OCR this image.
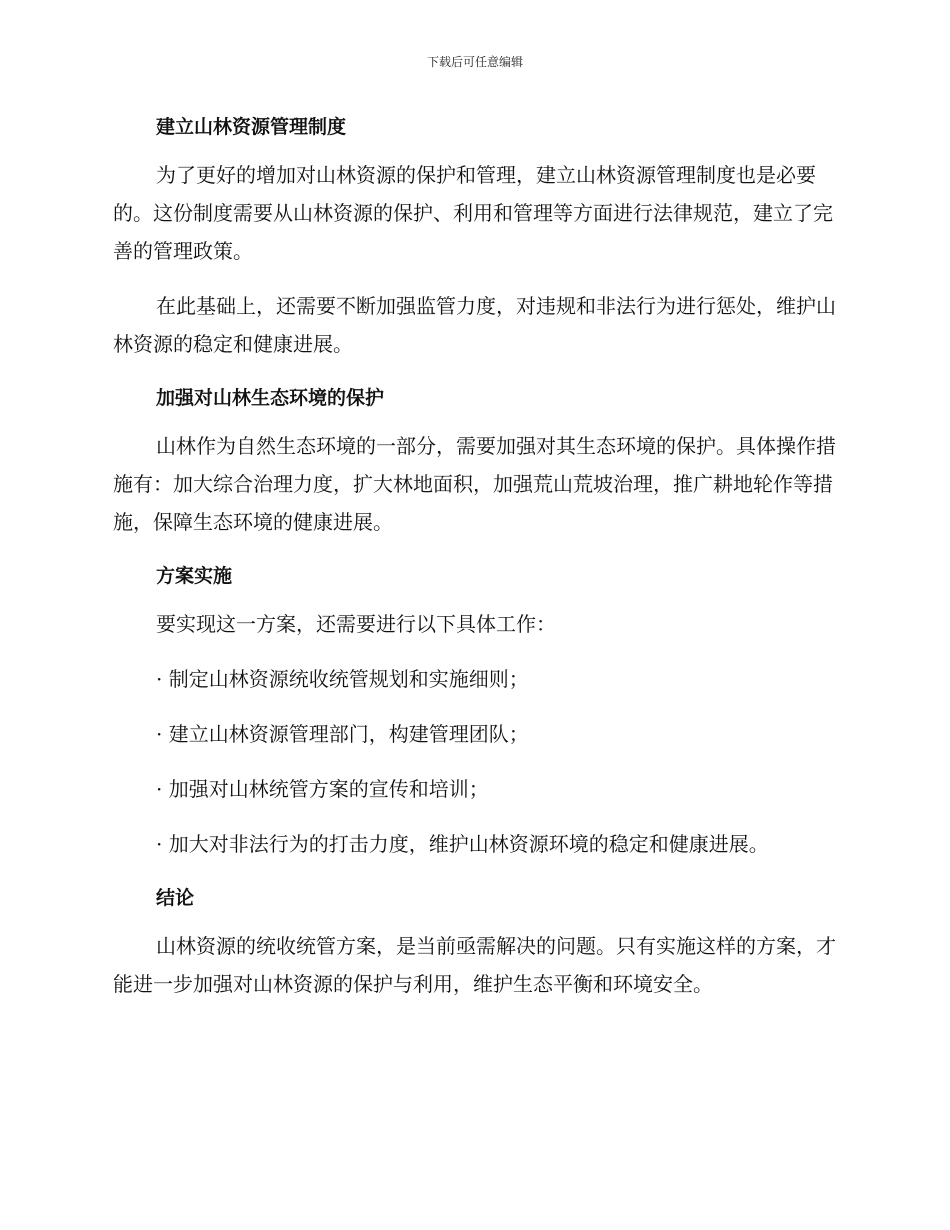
下载后可任意编辑
建立山林资源管理制度

为了更好的增加对山林资源的保护和管理，建立山林资源管理制度也是必要的。这份制度需要从山林资源的保护、利用和管理等方面进行法律规范，建立了完善的管理政策。

在此基础上，还需要不断加强监管力度，对违规和非法行为进行惩处，维护山林资源的稳定和健康进展。

加强对山林生态环境的保护

山林作为自然生态环境的一部分，需要加强对其生态环境的保护。具体操作措施有：加大综合治理力度，扩大林地面积，加强荒山荒坡治理，推广耕地轮作等措施，保障生态环境的健康进展。

方案实施

要实现这一方案，还需要进行以下具体工作：

· 制定山林资源统收统管规划和实施细则；

· 建立山林资源管理部门，构建管理团队；

· 加强对山林统管方案的宣传和培训；

· 加大对非法行为的打击力度，维护山林资源环境的稳定和健康进展。

结论

山林资源的统收统管方案，是当前亟需解决的问题。只有实施这样的方案，才能进一步加强对山林资源的保护与利用，维护生态平衡和环境安全。
